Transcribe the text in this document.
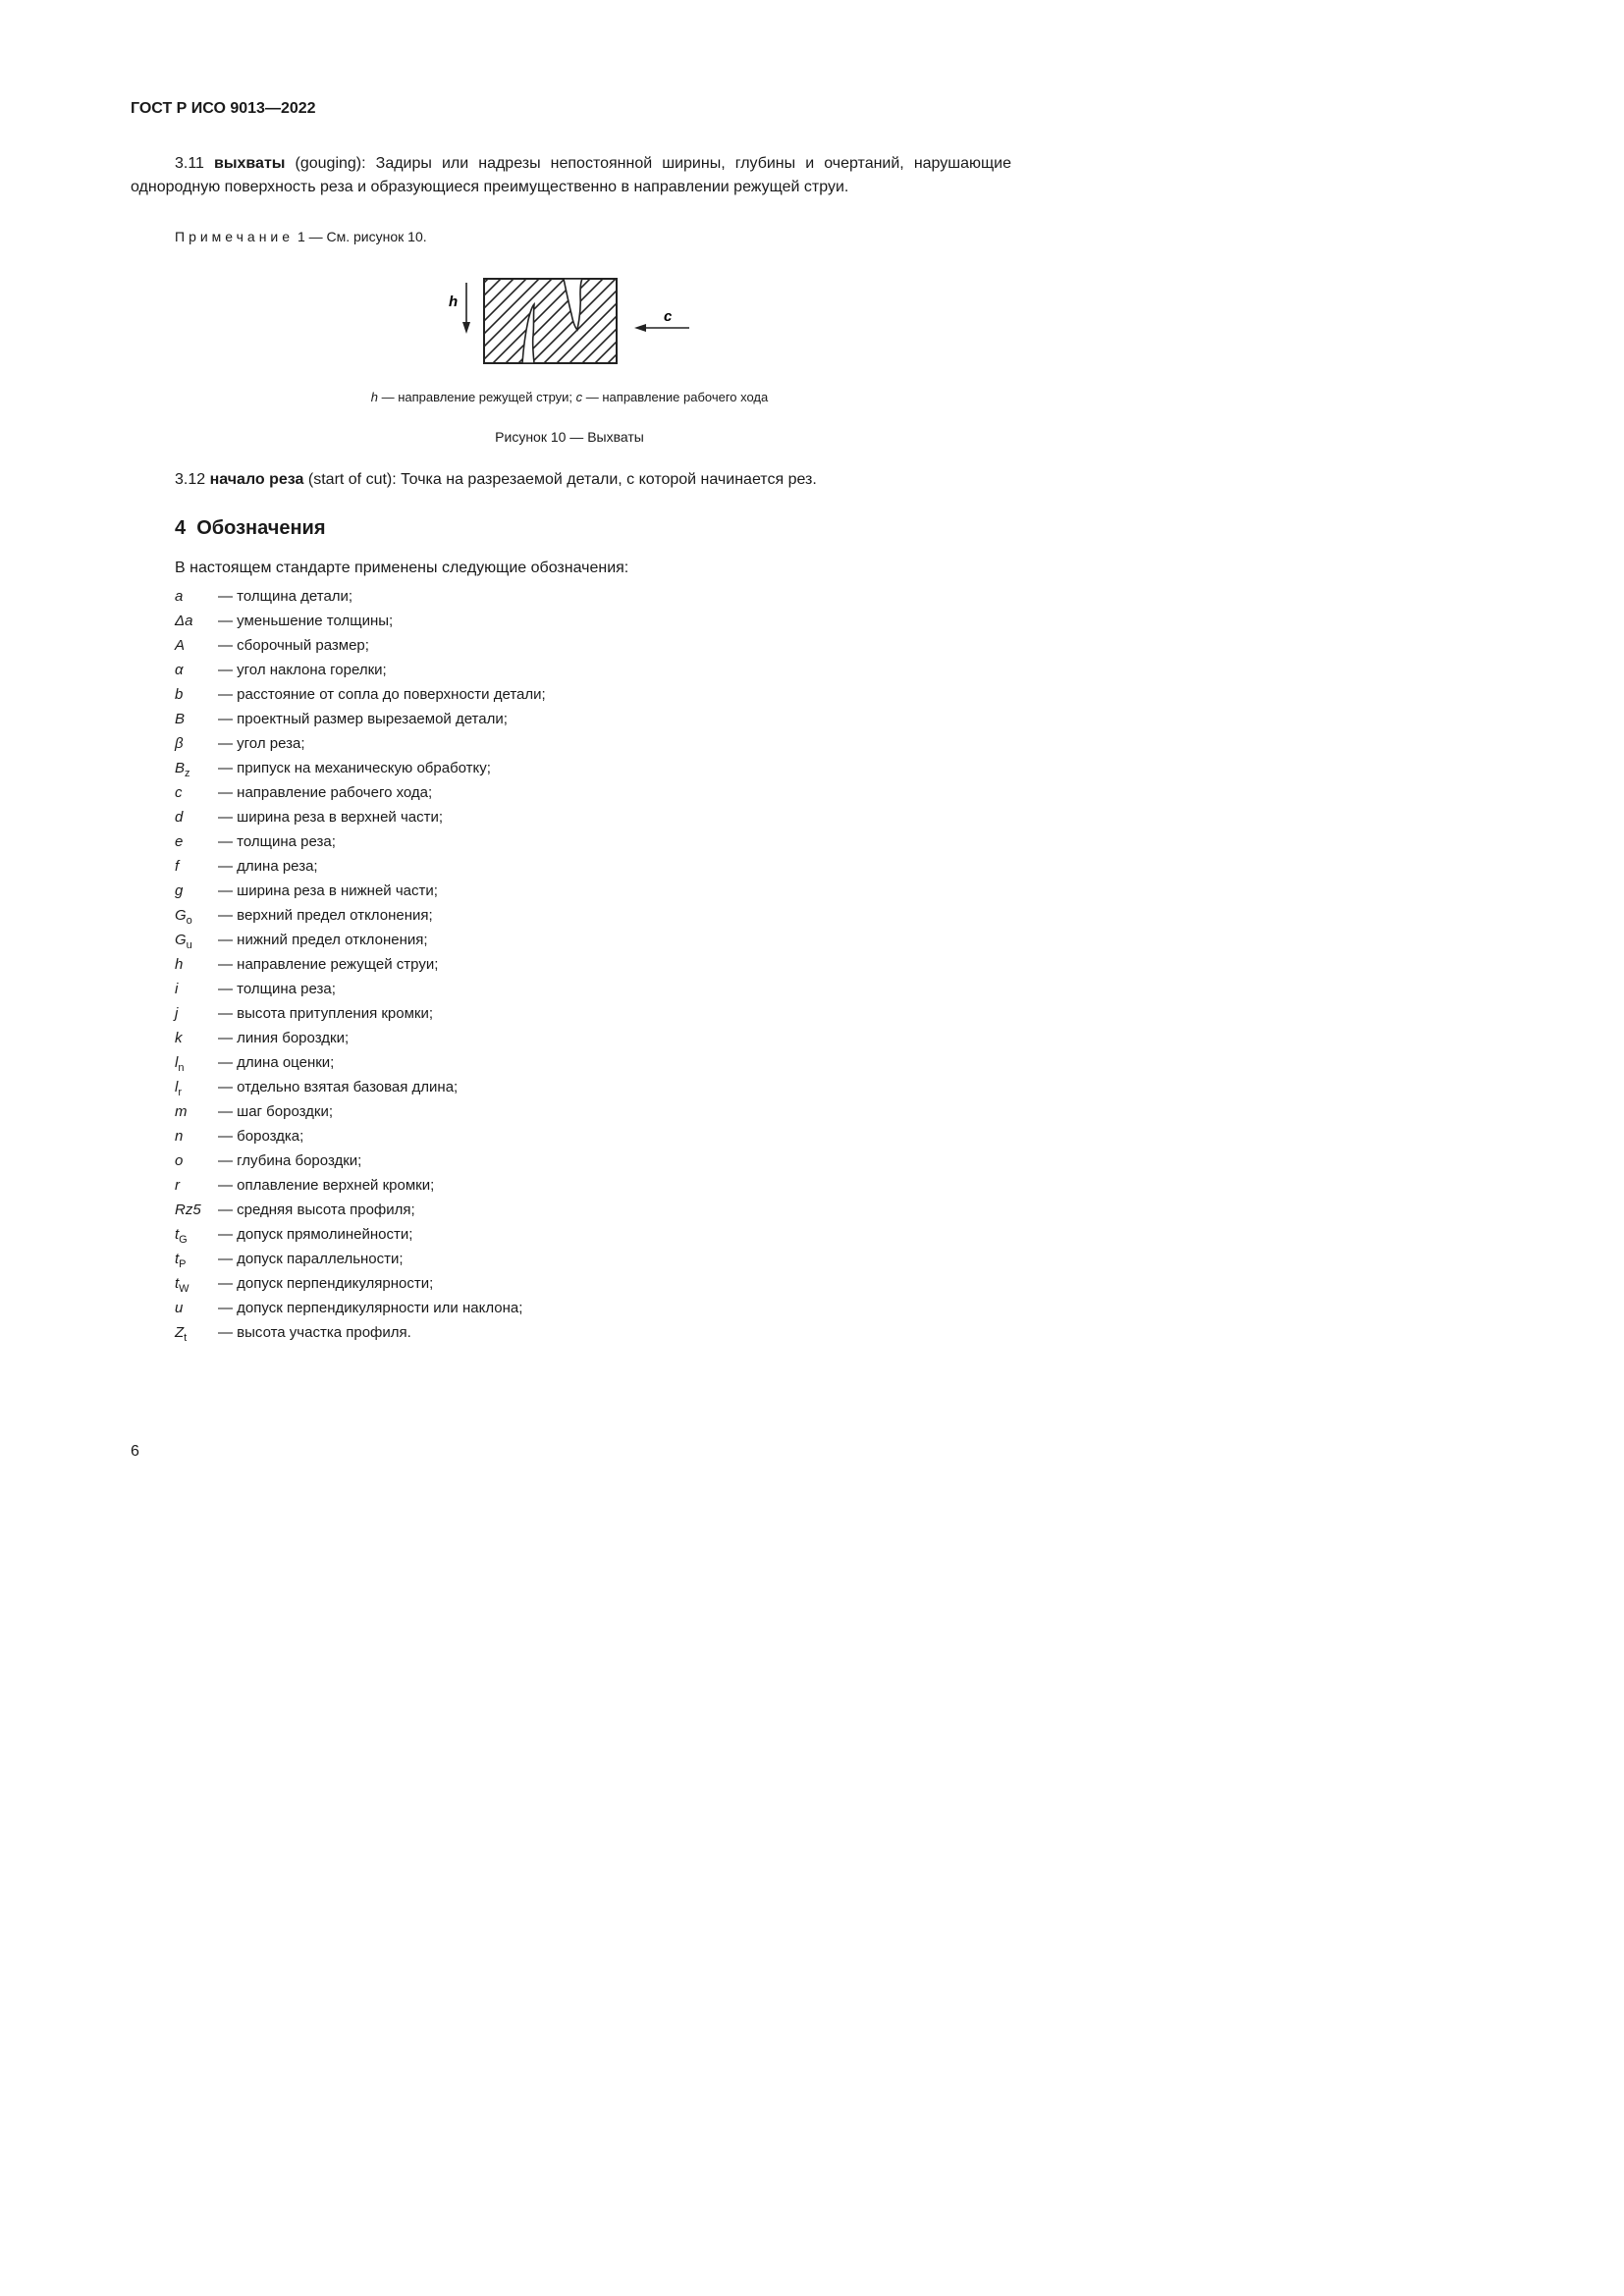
ГОСТ Р ИСО 9013—2022
3.11 выхваты (gouging): Задиры или надрезы непостоянной ширины, глубины и очертаний, нарушающие однородную поверхность реза и образующиеся преимущественно в направлении режущей струи.
Примечание 1 — См. рисунок 10.
h
c
h — направление режущей струи; c — направление рабочего хода
Рисунок 10 — Выхваты
3.12 начало реза (start of cut): Точка на разрезаемой детали, с которой начинается рез.
4  Обозначения
В настоящем стандарте применены следующие обозначения:
a — толщина детали;
Δa — уменьшение толщины;
A — сборочный размер;
α — угол наклона горелки;
b — расстояние от сопла до поверхности детали;
B — проектный размер вырезаемой детали;
β — угол реза;
$B_z$ — припуск на механическую обработку;
c — направление рабочего хода;
d — ширина реза в верхней части;
e — толщина реза;
f	— длина реза;
g — ширина реза в нижней части;
$G_o$ — верхний предел отклонения;
$G_u$ — нижний предел отклонения;
h — направление режущей струи;
i	— толщина реза;
j	— высота притупления кромки;
k — линия бороздки;
$l_n$ — длина оценки;
$l_r$ — отдельно взятая базовая длина;
m — шаг бороздки;
n — бороздка;
o — глубина бороздки;
r	— оплавление верхней кромки;
Rz5 — средняя высота профиля;
$t_G$ — допуск прямолинейности;
$t_P$ — допуск параллельности;
$t_W$ — допуск перпендикулярности;
u — допуск перпендикулярности или наклона;
$Z_t$ — высота участка профиля.
6
